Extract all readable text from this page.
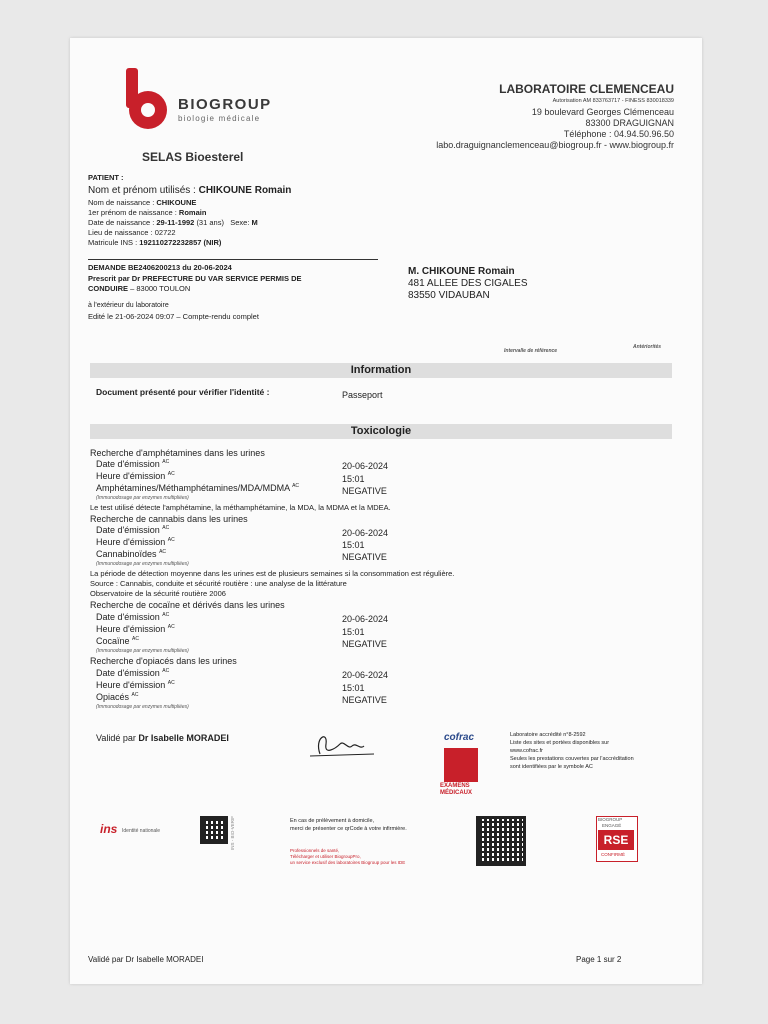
BIOGROUP
biologie médicale
SELAS Bioesterel
LABORATOIRE CLEMENCEAU
Autorisation AM 833763717 - FINESS 830018339
19 boulevard Georges Clémenceau
83300 DRAGUIGNAN
Téléphone : 04.94.50.96.50
labo.draguignanclemenceau@biogroup.fr - www.biogroup.fr
PATIENT :
Nom et prénom utilisés : CHIKOUNE Romain
Nom de naissance : CHIKOUNE
1er prénom de naissance : Romain
Date de naissance : 29-11-1992 (31 ans) Sexe: M
Lieu de naissance : 02722
Matricule INS : 192110272232857 (NIR)
DEMANDE BE2406200213 du 20-06-2024
Prescrit par Dr PREFECTURE DU VAR SERVICE PERMIS DE
CONDUIRE – 83000 TOULON
à l'extérieur du laboratoire
Edité le 21-06-2024 09:07 – Compte-rendu complet
M. CHIKOUNE Romain
481 ALLEE DES CIGALES
83550 VIDAUBAN
Intervalle de référence
Antériorités
Information
Document présenté pour vérifier l'identité :	Passeport
Toxicologie
Recherche d'amphétamines dans les urines
Date d'émission $^{AC}$	20-06-2024
Heure d'émission $^{AC}$	15:01
Amphétamines/Méthamphétamines/MDA/MDMA $^{AC}$	NEGATIVE
(Immunodosage par enzymes multipliées)
Le test utilisé détecte l'amphétamine, la méthamphétamine, la MDA, la MDMA et la MDEA.
Recherche de cannabis dans les urines
Date d'émission $^{AC}$	20-06-2024
Heure d'émission $^{AC}$	15:01
Cannabinoïdes $^{AC}$	NEGATIVE
(Immunodosage par enzymes multipliées)
La période de détection moyenne dans les urines est de plusieurs semaines si la consommation est régulière.
Source : Cannabis, conduite et sécurité routière : une analyse de la littérature
Observatoire de la sécurité routière 2006
Recherche de cocaïne et dérivés dans les urines
Date d'émission $^{AC}$	20-06-2024
Heure d'émission $^{AC}$	15:01
Cocaïne $^{AC}$	NEGATIVE
(Immunodosage par enzymes multipliées)
Recherche d'opiacés dans les urines
Date d'émission $^{AC}$	20-06-2024
Heure d'émission $^{AC}$	15:01
Opiacés $^{AC}$	NEGATIVE
(Immunodosage par enzymes multipliées)
Validé par Dr Isabelle MORADEI	cofrac
EXAMENS
MÉDICAUX
Laboratoire accrédité n°8-2592
Liste des sites et portées disponibles sur
www.cofrac.fr
Seules les prestations couvertes par l'accréditation
sont identifiées par le symbole AC
ins Identité nationale	INS - BIO-VERIF	En cas de prélèvement à domicile,
merci de présenter ce qrCode à votre infirmière.
Professionnels de santé,
Télécharger et utiliser BiogroupPro,
un service exclusif des laboratoires Biogroup pour les IDE
BIOGROUP
ENGAGÉ
RSE
CONFIRMÉ
Validé par Dr Isabelle MORADEI	Page 1 sur 2
